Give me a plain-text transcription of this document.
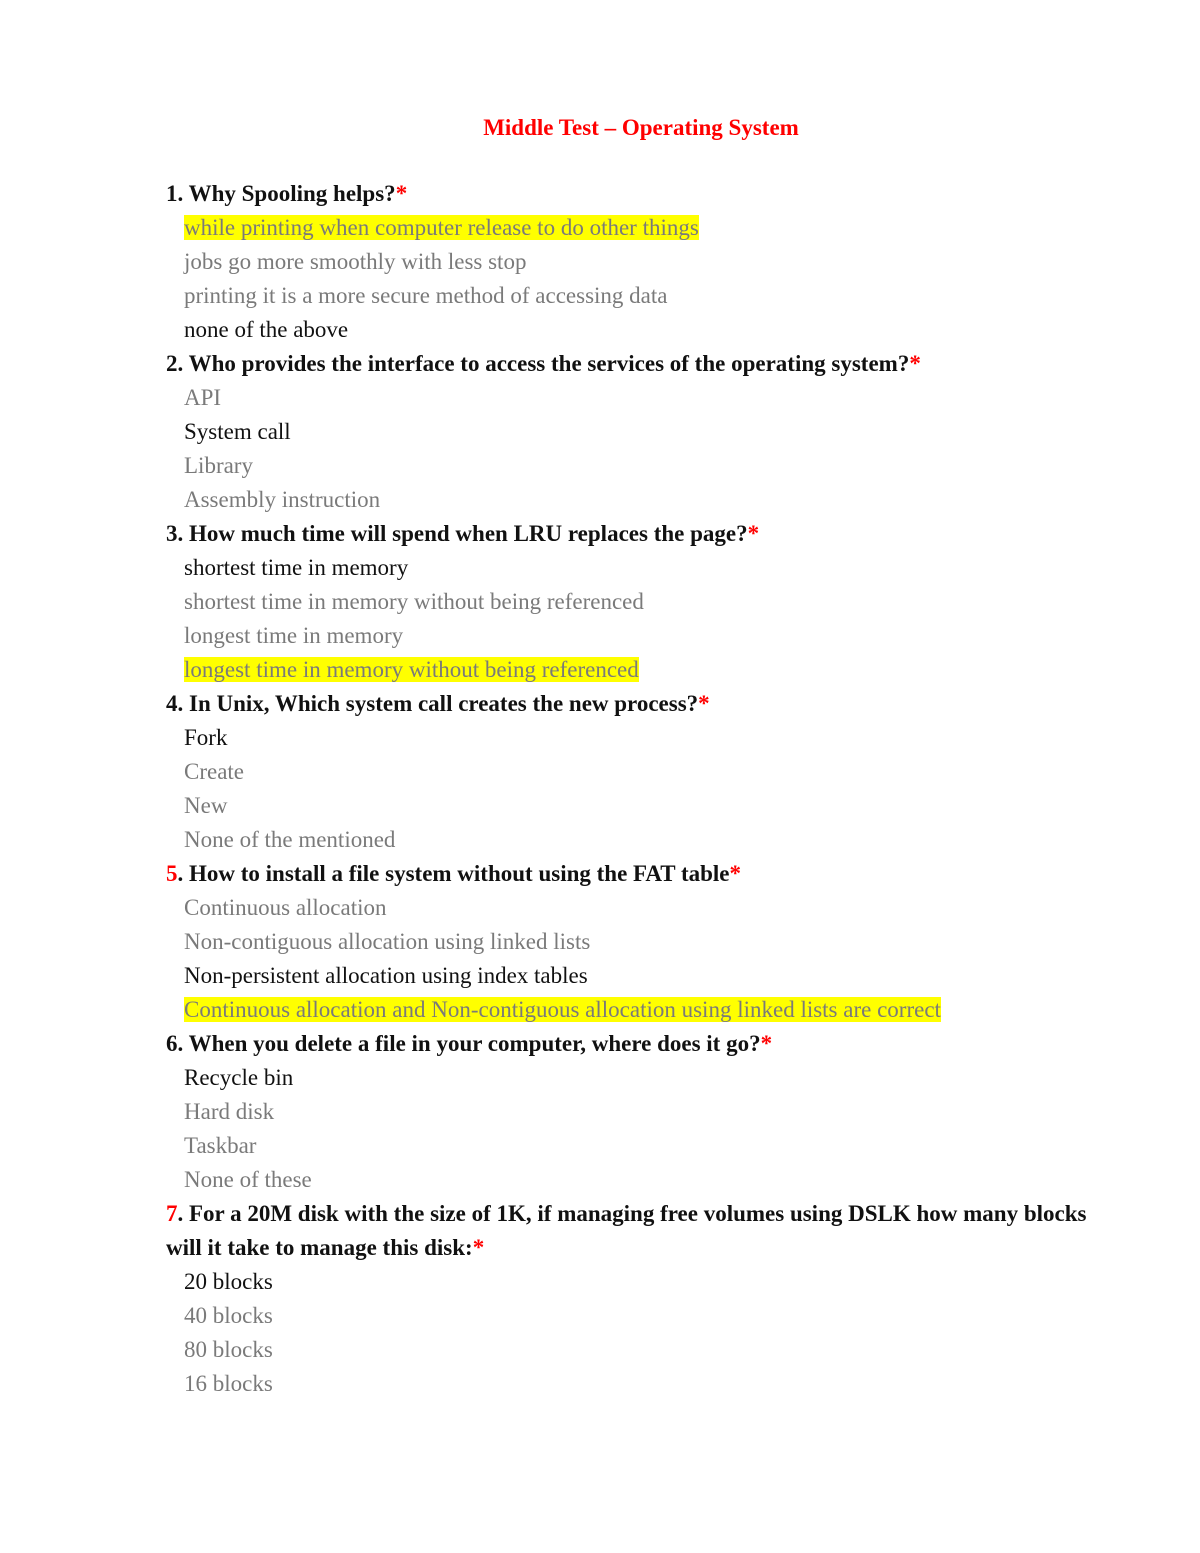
Middle Test – Operating System

1. Why Spooling helps?*

while printing when computer release to do other things
jobs go more smoothly with less stop
printing it is a more secure method of accessing data
none of the above

2. Who provides the interface to access the services of the operating system?*

API
System call
Library
Assembly instruction

3. How much time will spend when LRU replaces the page?*

shortest time in memory
shortest time in memory without being referenced
longest time in memory
longest time in memory without being referenced

4. In Unix, Which system call creates the new process?*

Fork
Create
New
None of the mentioned

5. How to install a file system without using the FAT table*

Continuous allocation
Non-contiguous allocation using linked lists
Non-persistent allocation using index tables
Continuous allocation and Non-contiguous allocation using linked lists are correct

6. When you delete a file in your computer, where does it go?*

Recycle bin
Hard disk
Taskbar
None of these

7. For a 20M disk with the size of 1K, if managing free volumes using DSLK how many blocks will it take to manage this disk:*

20 blocks
40 blocks
80 blocks
16 blocks
